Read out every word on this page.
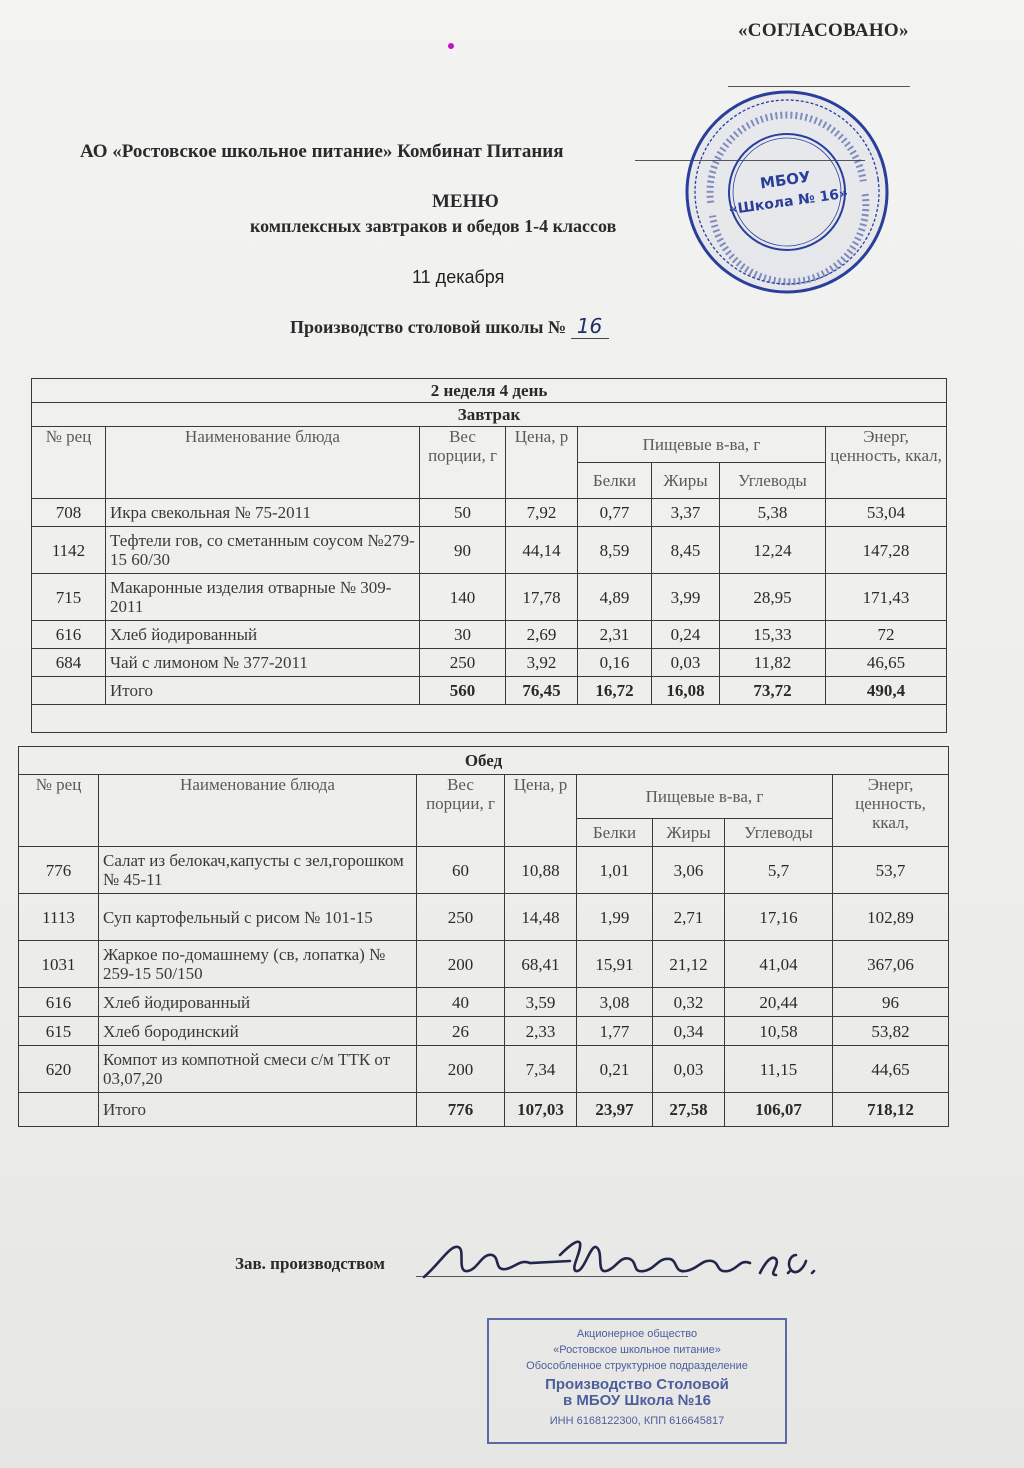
«СОГЛАСОВАНО»
АО «Ростовское школьное питание» Комбинат Питания
МЕНЮ
комплексных завтраков и обедов 1-4 классов
11 декабря
Производство столовой школы № 16
МБОУ
«Школа № 16»
2 неделя 4 день							
Завтрак							
№ рец	Наименование блюда	Вес порции, г	Цена, р	Пищевые в-ва, г			Энерг, ценность, ккал,
				Белки	Жиры	Углеводы	
708	Икра свекольная № 75-2011	50	7,92	0,77	3,37	5,38	53,04
1142	Тефтели гов, со сметанным соусом №279-15 60/30	90	44,14	8,59	8,45	12,24	147,28
715	Макаронные изделия отварные № 309-2011	140	17,78	4,89	3,99	28,95	171,43
616	Хлеб йодированный	30	2,69	2,31	0,24	15,33	72
684	Чай с лимоном № 377-2011	250	3,92	0,16	0,03	11,82	46,65
	Итого	560	76,45	16,72	16,08	73,72	490,4

Обед							
№ рец	Наименование блюда	Вес порции, г	Цена, р	Пищевые в-ва, г			Энерг, ценность, ккал,
				Белки	Жиры	Углеводы	
776	Салат из белокач,капусты с зел,горошком № 45-11	60	10,88	1,01	3,06	5,7	53,7
1113	Суп картофельный с рисом № 101-15	250	14,48	1,99	2,71	17,16	102,89
1031	Жаркое по-домашнему (св, лопатка) № 259-15 50/150	200	68,41	15,91	21,12	41,04	367,06
616	Хлеб йодированный	40	3,59	3,08	0,32	20,44	96
615	Хлеб бородинский	26	2,33	1,77	0,34	10,58	53,82
620	Компот из компотной смеси с/м ТТК от 03,07,20	200	7,34	0,21	0,03	11,15	44,65
	Итого	776	107,03	23,97	27,58	106,07	718,12
Зав. производством
Акционерное общество
«Ростовское школьное питание»
Обособленное структурное подразделение
Производство Столовой
в МБОУ Школа №16
ИНН 6168122300, КПП 616645817
